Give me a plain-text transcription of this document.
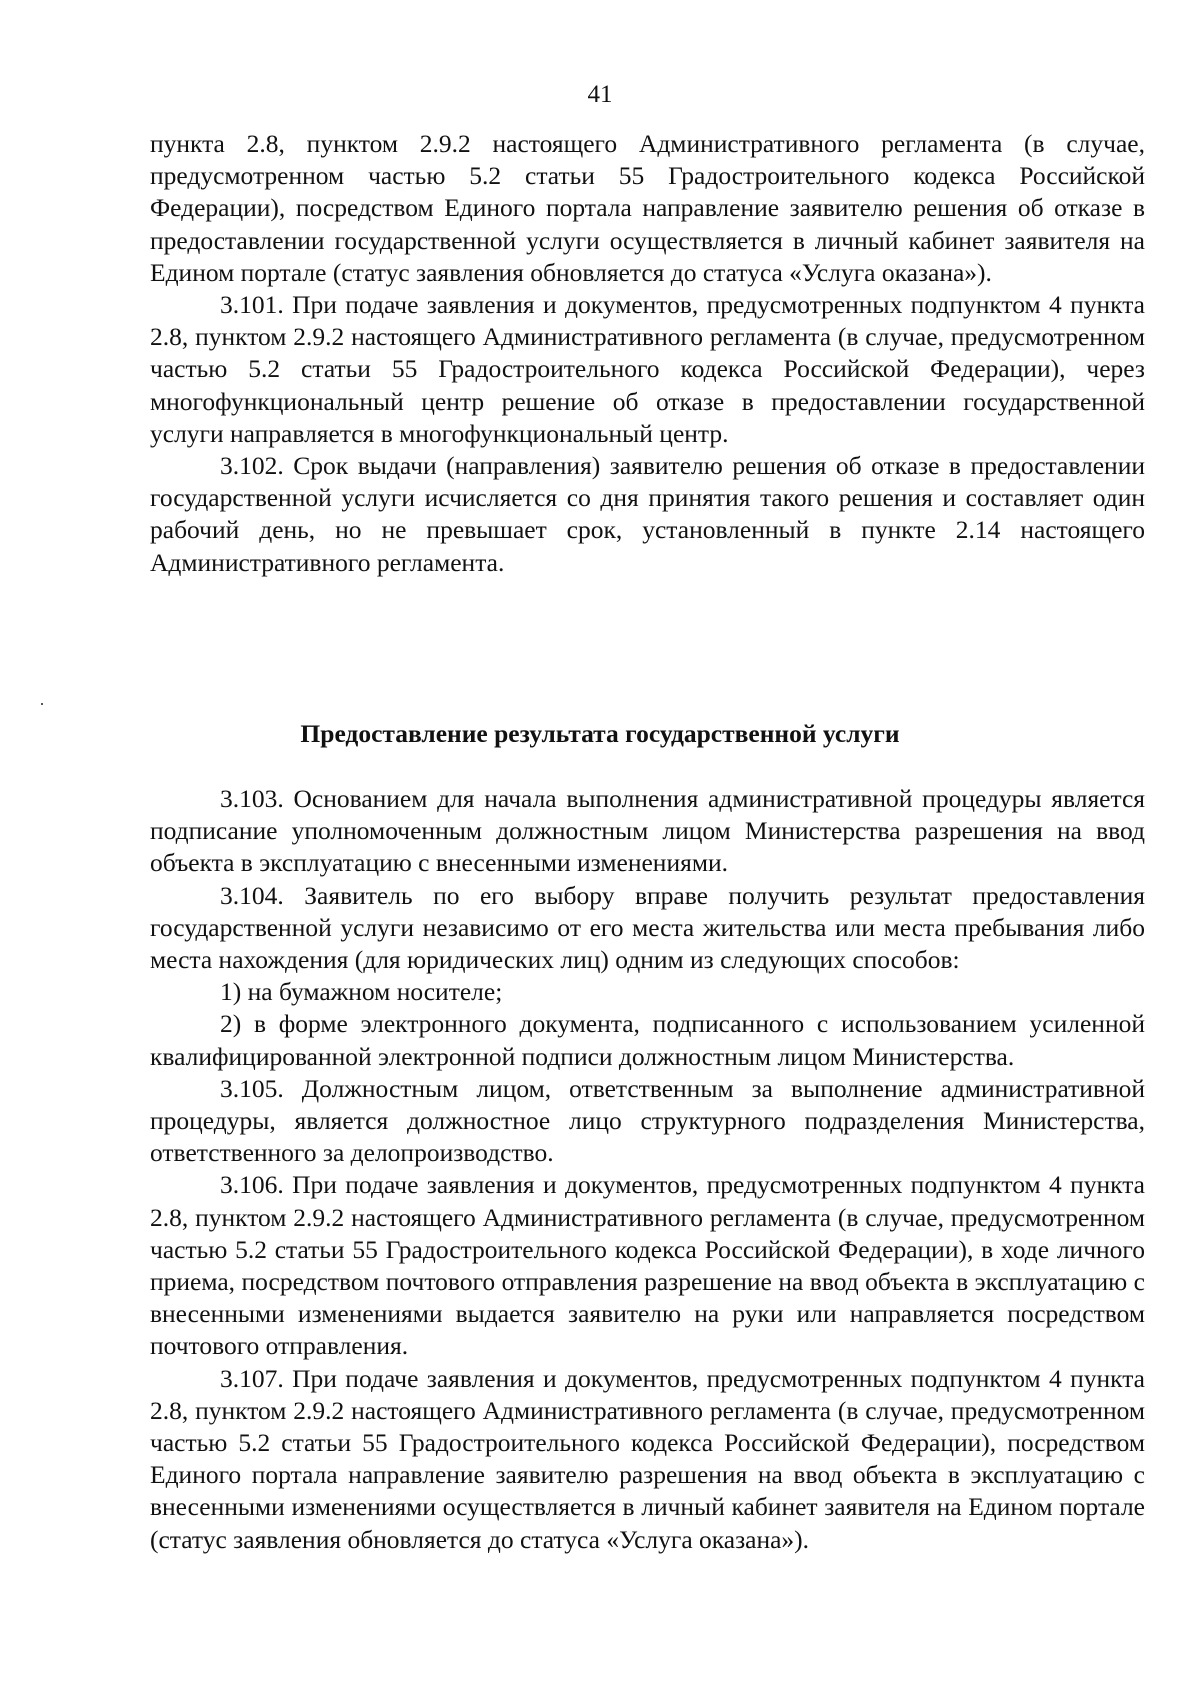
41

пункта 2.8, пунктом 2.9.2 настоящего Административного регламента (в случае, предусмотренном частью 5.2 статьи 55 Градостроительного кодекса Российской Федерации), посредством Единого портала направление заявителю решения об отказе в предоставлении государственной услуги осуществляется в личный кабинет заявителя на Едином портале (статус заявления обновляется до статуса «Услуга оказана»).

3.101. При подаче заявления и документов, предусмотренных подпунктом 4 пункта 2.8, пунктом 2.9.2 настоящего Административного регламента (в случае, предусмотренном частью 5.2 статьи 55 Градостроительного кодекса Российской Федерации), через многофункциональный центр решение об отказе в предоставлении государственной услуги направляется в многофункциональный центр.

3.102. Срок выдачи (направления) заявителю решения об отказе в предоставлении государственной услуги исчисляется со дня принятия такого решения и составляет один рабочий день, но не превышает срок, установленный в пункте 2.14 настоящего Административного регламента.

Предоставление результата государственной услуги

3.103. Основанием для начала выполнения административной процедуры является подписание уполномоченным должностным лицом Министерства разрешения на ввод объекта в эксплуатацию с внесенными изменениями.

3.104. Заявитель по его выбору вправе получить результат предоставления государственной услуги независимо от его места жительства или места пребывания либо места нахождения (для юридических лиц) одним из следующих способов:

1) на бумажном носителе;

2) в форме электронного документа, подписанного с использованием усиленной квалифицированной электронной подписи должностным лицом Министерства.

3.105. Должностным лицом, ответственным за выполнение административной процедуры, является должностное лицо структурного подразделения Министерства, ответственного за делопроизводство.

3.106. При подаче заявления и документов, предусмотренных подпунктом 4 пункта 2.8, пунктом 2.9.2 настоящего Административного регламента (в случае, предусмотренном частью 5.2 статьи 55 Градостроительного кодекса Российской Федерации), в ходе личного приема, посредством почтового отправления разрешение на ввод объекта в эксплуатацию с внесенными изменениями выдается заявителю на руки или направляется посредством почтового отправления.

3.107. При подаче заявления и документов, предусмотренных подпунктом 4 пункта 2.8, пунктом 2.9.2 настоящего Административного регламента (в случае, предусмотренном частью 5.2 статьи 55 Градостроительного кодекса Российской Федерации), посредством Единого портала направление заявителю разрешения на ввод объекта в эксплуатацию с внесенными изменениями осуществляется в личный кабинет заявителя на Едином портале (статус заявления обновляется до статуса «Услуга оказана»).
